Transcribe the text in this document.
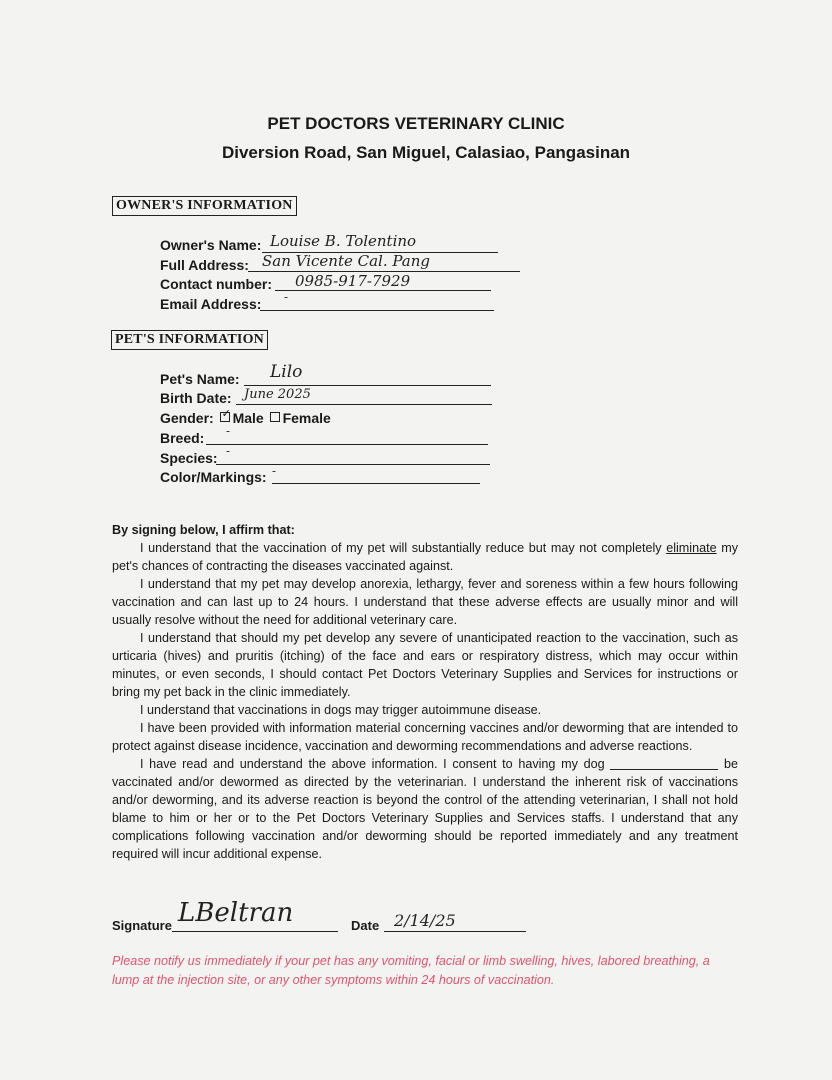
PET DOCTORS VETERINARY CLINIC
Diversion Road, San Miguel, Calasiao, Pangasinan
OWNER'S INFORMATION
Owner's Name: Louise B. Tolentino
Full Address: San Vicente Cal. Pang
Contact number: 0985-917-7929
Email Address: -
PET'S INFORMATION
Pet's Name: Lilo
Birth Date: June 2025
Gender: ✓ Male Female
Breed: -
Species: -
Color/Markings: -
By signing below, I affirm that:

I understand that the vaccination of my pet will substantially reduce but may not completely eliminate my pet's chances of contracting the diseases vaccinated against.

I understand that my pet may develop anorexia, lethargy, fever and soreness within a few hours following vaccination and can last up to 24 hours. I understand that these adverse effects are usually minor and will usually resolve without the need for additional veterinary care.

I understand that should my pet develop any severe of unanticipated reaction to the vaccination, such as urticaria (hives) and pruritis (itching) of the face and ears or respiratory distress, which may occur within minutes, or even seconds, I should contact Pet Doctors Veterinary Supplies and Services for instructions or bring my pet back in the clinic immediately.

I understand that vaccinations in dogs may trigger autoimmune disease.

I have been provided with information material concerning vaccines and/or deworming that are intended to protect against disease incidence, vaccination and deworming recommendations and adverse reactions.

I have read and understand the above information. I consent to having my dog	be vaccinated and/or dewormed as directed by the veterinarian. I understand the inherent risk of vaccinations and/or deworming, and its adverse reaction is beyond the control of the attending veterinarian, I shall not hold blame to him or her or to the Pet Doctors Veterinary Supplies and Services staffs. I understand that any complications following vaccination and/or deworming should be reported immediately and any treatment required will incur additional expense.

Signature LBeltran	Date 2/14/25
Please notify us immediately if your pet has any vomiting, facial or limb swelling, hives, labored breathing, a lump at the injection site, or any other symptoms within 24 hours of vaccination.
